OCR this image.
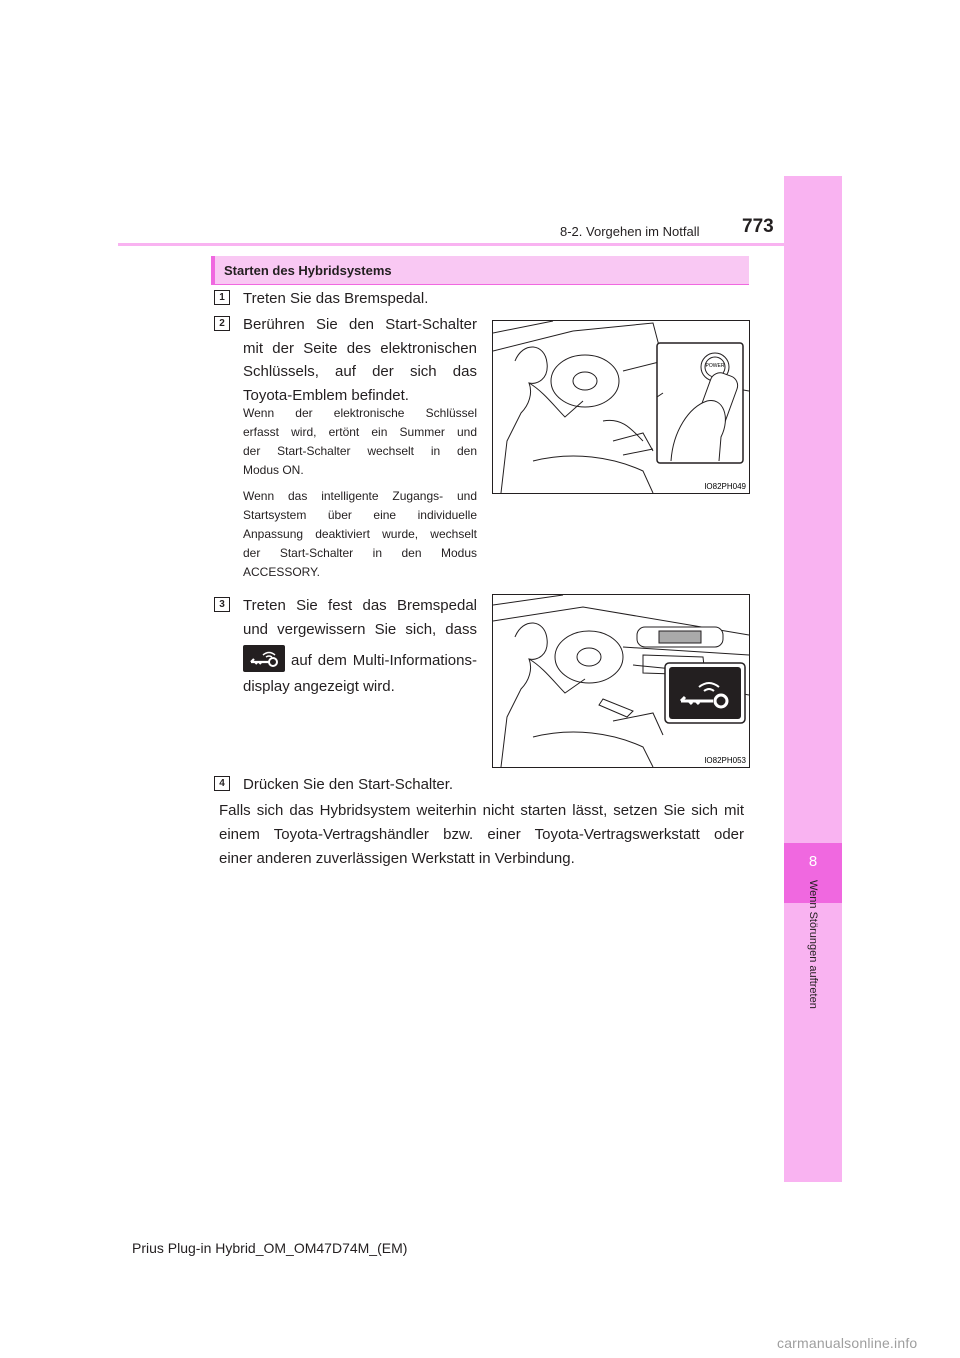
8
Wenn Störungen auftreten
8-2. Vorgehen im Notfall 773
Starten des Hybridsystems
1	Treten Sie das Bremspedal.
2	Berühren Sie den Start-Schalter
mit der Seite des elektronischen
Schlüssels, auf der sich das
Toyota-Emblem befindet.
Wenn der elektronische Schlüssel
erfasst wird, ertönt ein Summer und
der Start-Schalter wechselt in den
Modus ON.
Wenn das intelligente Zugangs- und
Startsystem über eine individuelle
Anpassung deaktiviert wurde, wechselt
der Start-Schalter in den Modus
ACCESSORY.
POWER
IO82PH049
3	Treten Sie fest das Bremspedal
und vergewissern Sie sich, dass
auf dem Multi-Informations-
display angezeigt wird.
IO82PH053
4	Drücken Sie den Start-Schalter.
Falls sich das Hybridsystem weiterhin nicht starten lässt, setzen Sie sich mit
einem Toyota-Vertragshändler bzw. einer Toyota-Vertragswerkstatt oder
einer anderen zuverlässigen Werkstatt in Verbindung.
Prius Plug-in Hybrid_OM_OM47D74M_(EM)
carmanualsonline.info
